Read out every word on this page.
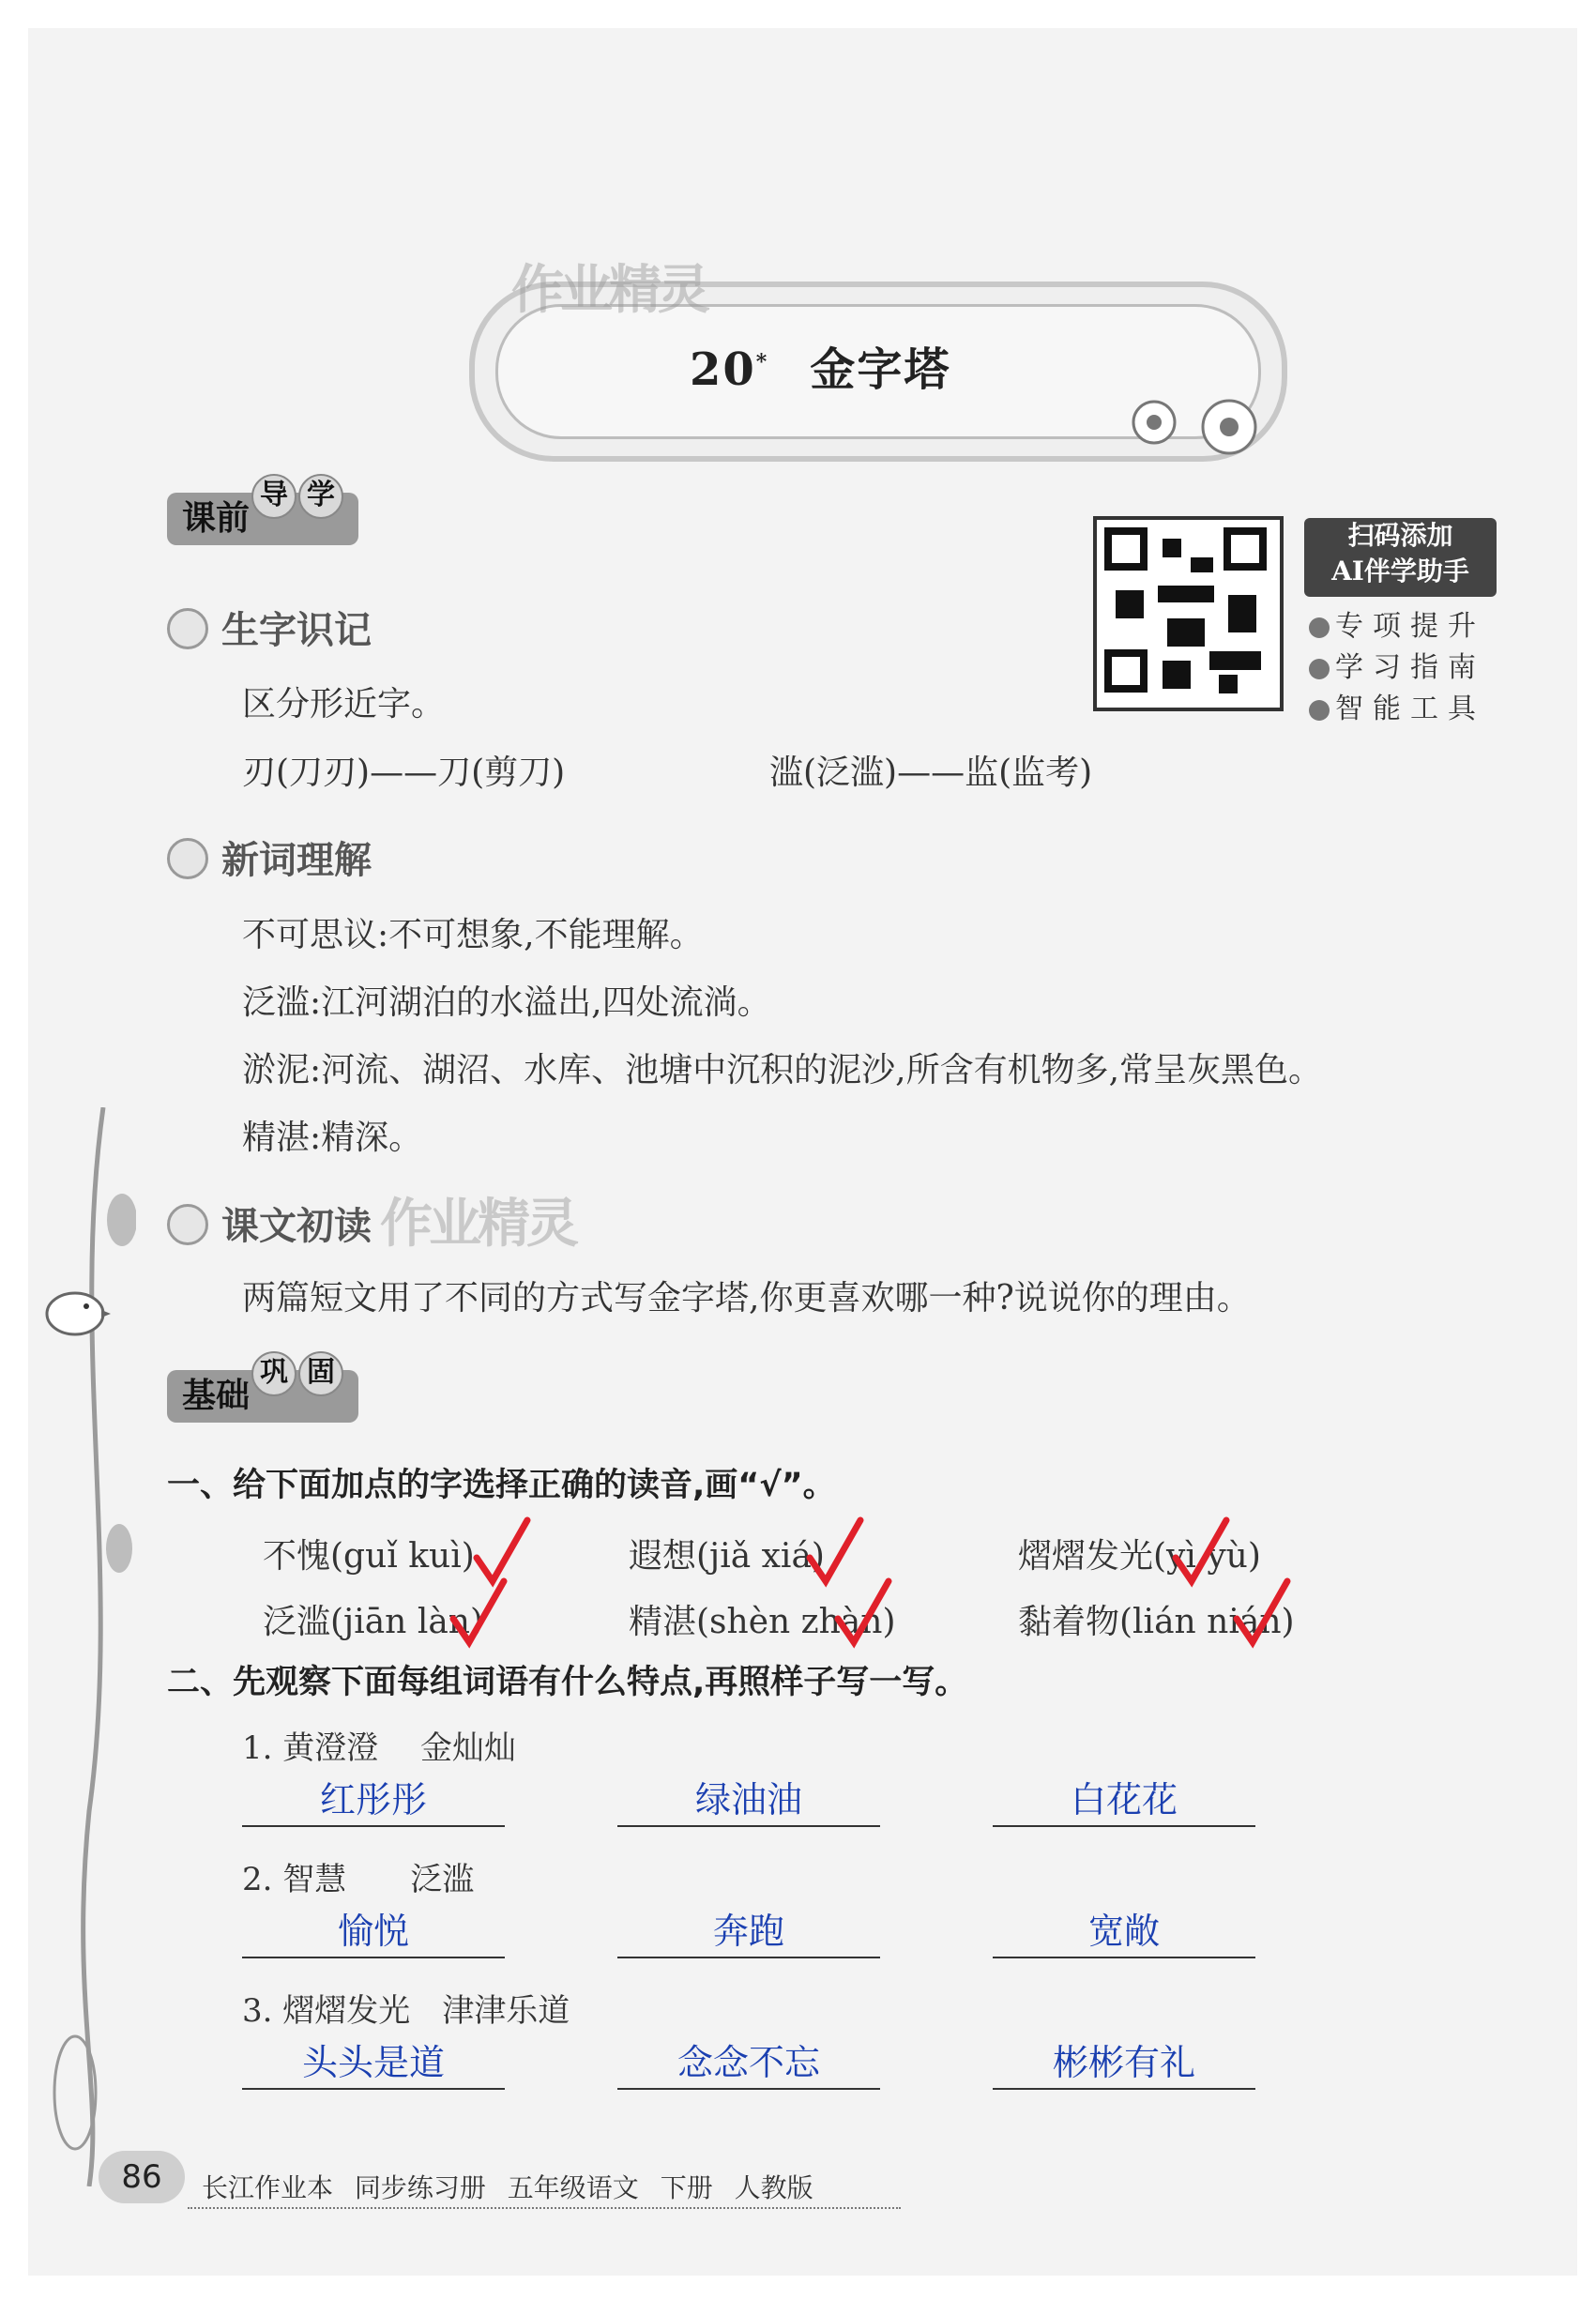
作业精灵
20* 金字塔
课前导 学
扫码添加
AI伴学助手
专项提升
学习指南
智能工具
生字识记
区分形近字。
刃(刀刃)——刀(剪刀)	滥(泛滥)——监(监考)
新词理解
不可思议:不可想象,不能理解。
泛滥:江河湖泊的水溢出,四处流淌。
淤泥:河流、湖沼、水库、池塘中沉积的泥沙,所含有机物多,常呈灰黑色。
精湛:精深。
课文初读 作业精灵
两篇短文用了不同的方式写金字塔,你更喜欢哪一种?说说你的理由。
基础巩 固
一、给下面加点的字选择正确的读音,画“√”。
不愧(guǐ kuì)	遐想(jiǎ xiá)	熠熠发光(yì yù)
泛滥(jiān làn)	精湛(shèn zhàn)	黏着物(lián nián)
二、先观察下面每组词语有什么特点,再照样子写一写。
1. 黄澄澄　 金灿灿
红彤彤	绿油油	白花花
2. 智慧　　泛滥
愉悦	奔跑	宽敞
3. 熠熠发光　津津乐道
头头是道	念念不忘	彬彬有礼
86	长江作业本 同步练习册 五年级语文 下册 人教版
